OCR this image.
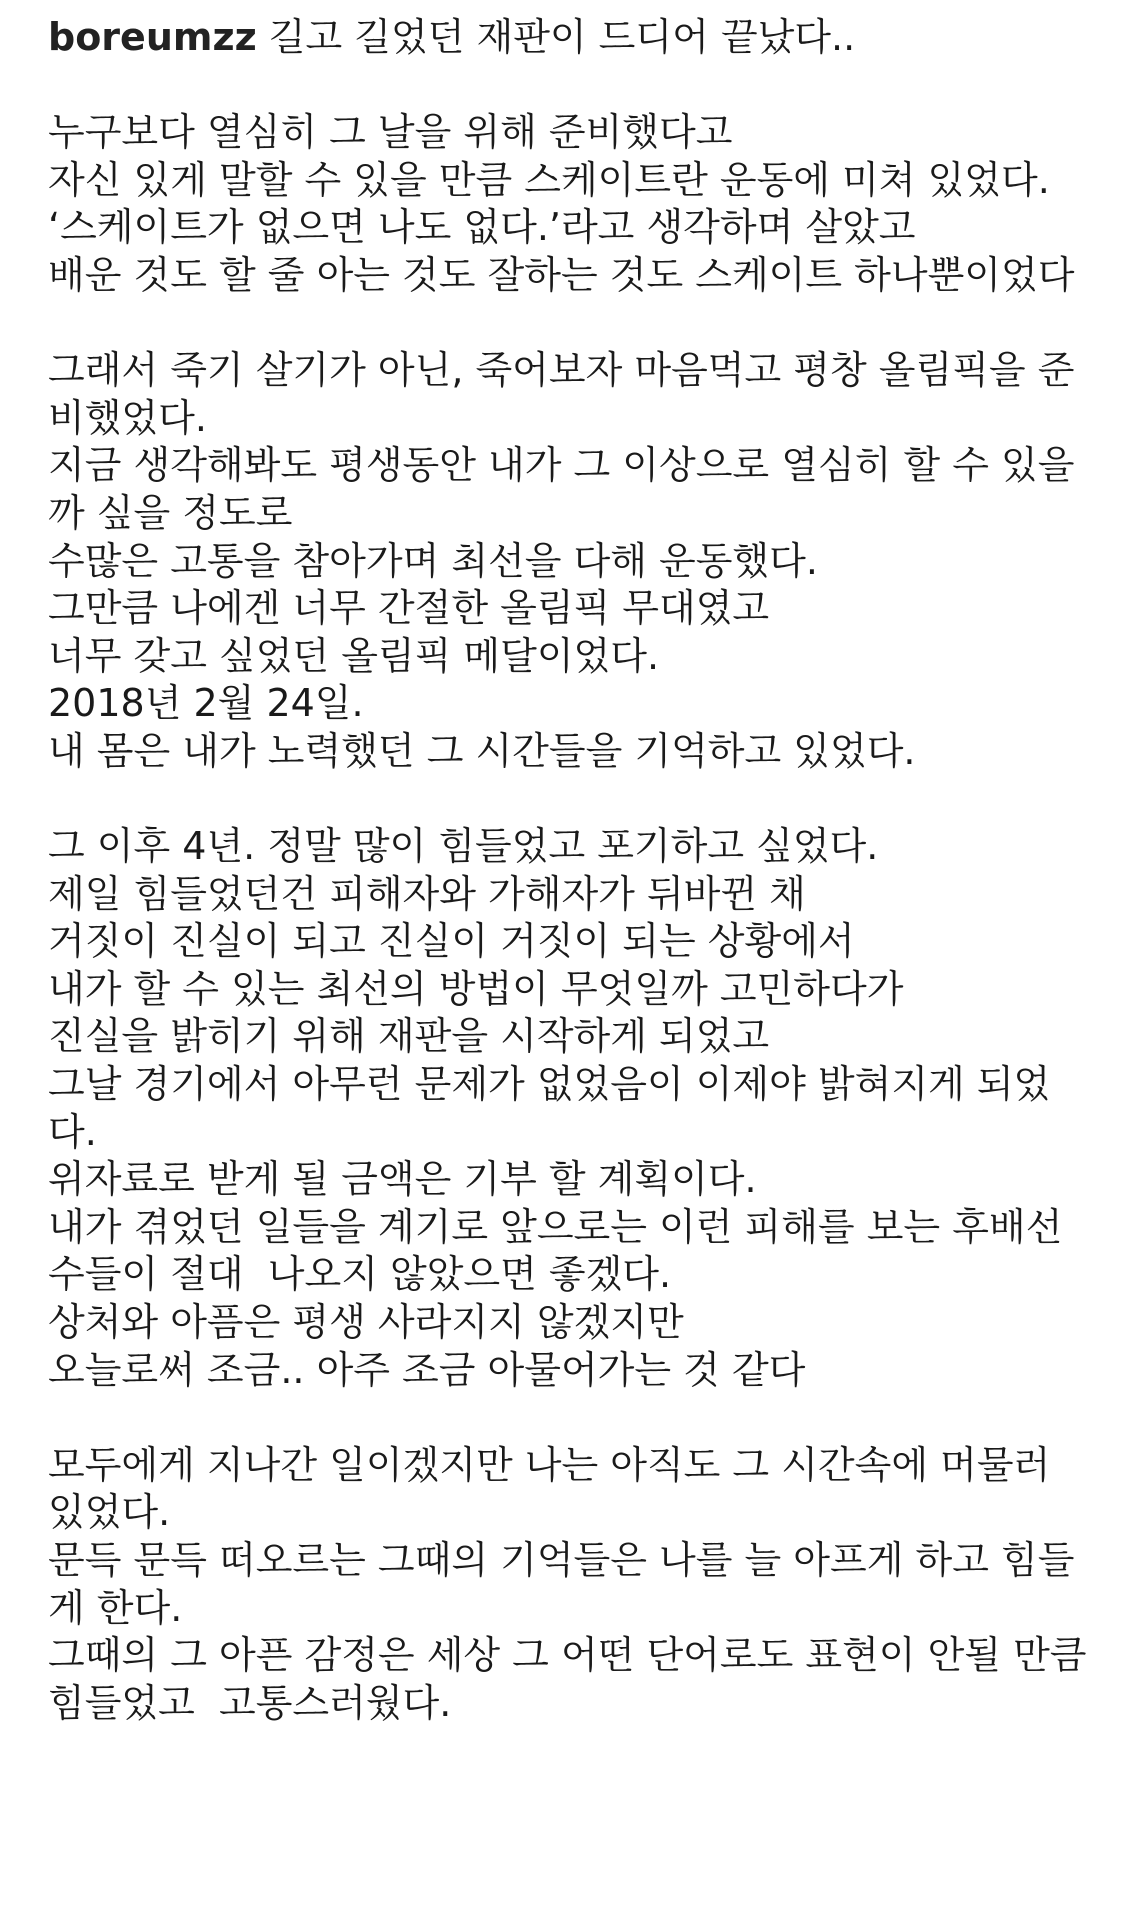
boreumzz 길고 길었던 재판이 드디어 끝났다..
누구보다 열심히 그 날을 위해 준비했다고
자신 있게 말할 수 있을 만큼 스케이트란 운동에 미쳐 있었다.
‘스케이트가 없으면 나도 없다.’라고 생각하며 살았고
배운 것도 할 줄 아는 것도 잘하는 것도 스케이트 하나뿐이었다
그래서 죽기 살기가 아닌, 죽어보자 마음먹고 평창 올림픽을 준
비했었다.
지금 생각해봐도 평생동안 내가 그 이상으로 열심히 할 수 있을
까 싶을 정도로
수많은 고통을 참아가며 최선을 다해 운동했다.
그만큼 나에겐 너무 간절한 올림픽 무대였고
너무 갖고 싶었던 올림픽 메달이었다.
2018년 2월 24일.
내 몸은 내가 노력했던 그 시간들을 기억하고 있었다.
그 이후 4년. 정말 많이 힘들었고 포기하고 싶었다.
제일 힘들었던건 피해자와 가해자가 뒤바뀐 채
거짓이 진실이 되고 진실이 거짓이 되는 상황에서
내가 할 수 있는 최선의 방법이 무엇일까 고민하다가
진실을 밝히기 위해 재판을 시작하게 되었고
그날 경기에서 아무런 문제가 없었음이 이제야 밝혀지게 되었
다.
위자료로 받게 될 금액은 기부 할 계획이다.
내가 겪었던 일들을 계기로 앞으로는 이런 피해를 보는 후배선
수들이 절대  나오지 않았으면 좋겠다.
상처와 아픔은 평생 사라지지 않겠지만
오늘로써 조금.. 아주 조금 아물어가는 것 같다
모두에게 지나간 일이겠지만 나는 아직도 그 시간속에 머물러
있었다.
문득 문득 떠오르는 그때의 기억들은 나를 늘 아프게 하고 힘들
게 한다.
그때의 그 아픈 감정은 세상 그 어떤 단어로도 표현이 안될 만큼
힘들었고  고통스러웠다.
